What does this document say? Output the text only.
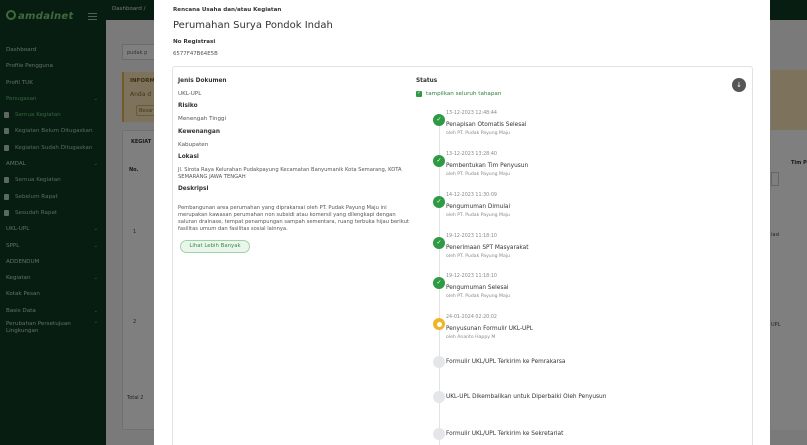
Rencana Usaha dan/atau Kegiatan
Perumahan Surya Pondok Indah
No Registrasi
6577F47B64E5B
Jenis Dokumen
UKL-UPL
Risiko
Menengah Tinggi
Kewenangan
Kabupaten
Lokasi
Jl. Sirota Raya Kelurahan Pudakpayung Kecamatan Banyumanik Kota Semarang, KOTA SEMARANG JAWA TENGAH
Deskripsi
Pembangunan area perumahan yang diprakarsai oleh PT. Pudak Payung Maju ini merupakan kawasan perumahan non subsidi atau komersil yang dilengkapi dengan saluran drainase, tempat penampungan sampah sementara, ruang terbuka hijau berikut fasilitas umum dan fasilitas sosial lainnya.
Lihat Lebih Banyak
Status
✓ tampilkan seluruh tahapan
↓
✓
13-12-2023 12:48:44
Penapisan Otomatis Selesai
oleh PT. Pudak Payung Maju
✓
13-12-2023 13:28:40
Pembentukan Tim Penyusun
oleh PT. Pudak Payung Maju
✓
14-12-2023 11:30:09
Pengumuman Dimulai
oleh PT. Pudak Payung Maju
✓
19-12-2023 11:18:10
Penerimaan SPT Masyarakat
oleh PT. Pudak Payung Maju
✓
19-12-2023 11:18:10
Pengumuman Selesai
oleh PT. Pudak Payung Maju
24-01-2024 02:20:02
Penyusunan Formulir UKL-UPL
oleh Ananto Happy M
Formulir UKL/UPL Terkirim ke Pemrakarsa
UKL-UPL Dikembalikan untuk Diperbaiki Oleh Penyusun
Formulir UKL/UPL Terkirim ke Sekretariat
